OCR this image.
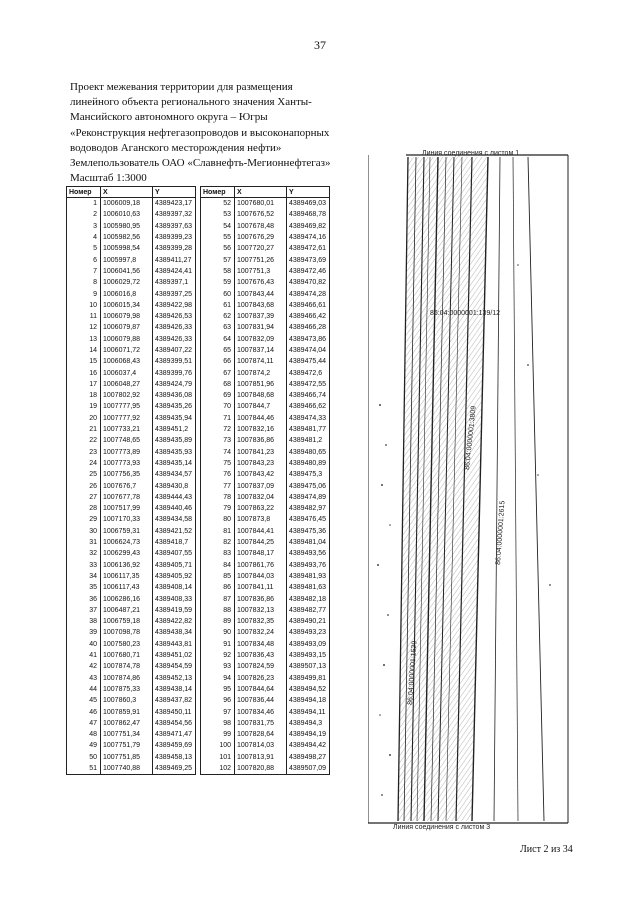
37
Проект межевания территории для размещения
линейного объекта регионального значения Ханты-
Мансийского автономного округа – Югры
«Реконструкция нефтегазопроводов и высоконапорных
водоводов Аганского месторождения нефти»
Землепользователь ОАО «Славнефть-Мегионнефтегаз»
Масштаб 1:3000
Номер	X	Y
1	1006009,18	4389423,17
2	1006010,63	4389397,32
3	1005980,95	4389397,63
4	1005982,56	4389399,23
5	1005998,54	4389399,28
6	1005997,8	4389411,27
7	1006041,56	4389424,41
8	1006029,72	4389397,1
9	1006016,8	4389397,25
10	1006015,34	4389422,98
11	1006079,98	4389426,53
12	1006079,87	4389426,33
13	1006079,88	4389426,33
14	1006071,72	4389407,22
15	1006068,43	4389399,51
16	1006037,4	4389399,76
17	1006048,27	4389424,79
18	1007802,92	4389436,08
19	1007777,95	4389435,26
20	1007777,92	4389435,94
21	1007733,21	4389451,2
22	1007748,65	4389435,89
23	1007773,89	4389435,93
24	1007773,93	4389435,14
25	1007756,35	4389434,57
26	1007676,7	4389430,8
27	1007677,78	4389444,43
28	1007517,99	4389440,46
29	1007170,33	4389434,58
30	1006759,31	4389421,52
31	1006624,73	4389418,7
32	1006299,43	4389407,55
33	1006136,92	4389405,71
34	1006117,35	4389405,92
35	1006117,43	4389408,14
36	1006286,16	4389408,33
37	1006487,21	4389419,59
38	1006759,18	4389422,82
39	1007098,78	4389438,34
40	1007580,23	4389443,81
41	1007680,71	4389451,02
42	1007874,78	4389454,59
43	1007874,86	4389452,13
44	1007875,33	4389438,14
45	1007860,3	4389437,82
46	1007859,91	4389450,11
47	1007862,47	4389454,56
48	1007751,34	4389471,47
49	1007751,79	4389459,69
50	1007751,85	4389458,13
51	1007740,88	4389469,25
Номер	X	Y
52	1007680,01	4389469,03
53	1007676,52	4389468,78
54	1007678,48	4389469,82
55	1007676,29	4389474,16
56	1007720,27	4389472,61
57	1007751,26	4389473,69
58	1007751,3	4389472,46
59	1007676,43	4389470,82
60	1007843,44	4389474,28
61	1007843,68	4389466,61
62	1007837,39	4389466,42
63	1007831,94	4389466,28
64	1007832,09	4389473,86
65	1007837,14	4389474,04
66	1007874,11	4389475,44
67	1007874,2	4389472,6
68	1007851,96	4389472,55
69	1007848,68	4389466,74
70	1007844,7	4389466,62
71	1007844,46	4389474,33
72	1007832,16	4389481,77
73	1007836,86	4389481,2
74	1007841,23	4389480,65
75	1007843,23	4389480,89
76	1007843,42	4389475,3
77	1007837,09	4389475,06
78	1007832,04	4389474,89
79	1007863,22	4389482,97
80	1007873,8	4389476,45
81	1007844,41	4389475,36
82	1007844,25	4389481,04
83	1007848,17	4389493,56
84	1007861,76	4389493,76
85	1007844,03	4389481,93
86	1007841,11	4389481,63
87	1007836,86	4389482,18
88	1007832,13	4389482,77
89	1007832,35	4389490,21
90	1007832,24	4389493,23
91	1007834,48	4389493,09
92	1007836,43	4389493,15
93	1007824,59	4389507,13
94	1007826,23	4389499,81
95	1007844,64	4389494,52
96	1007836,44	4389494,18
97	1007834,46	4389494,11
98	1007831,75	4389494,3
99	1007828,64	4389494,19
100	1007814,03	4389494,42
101	1007813,91	4389498,27
102	1007820,88	4389507,09
Линия соединения с листом 1
86:04:0000001:139/12
86:04:0000001:3809
86:04:0000001:2615
86:04:0000001:1529
Линия соединения с листом 3
Лист 2 из 34
